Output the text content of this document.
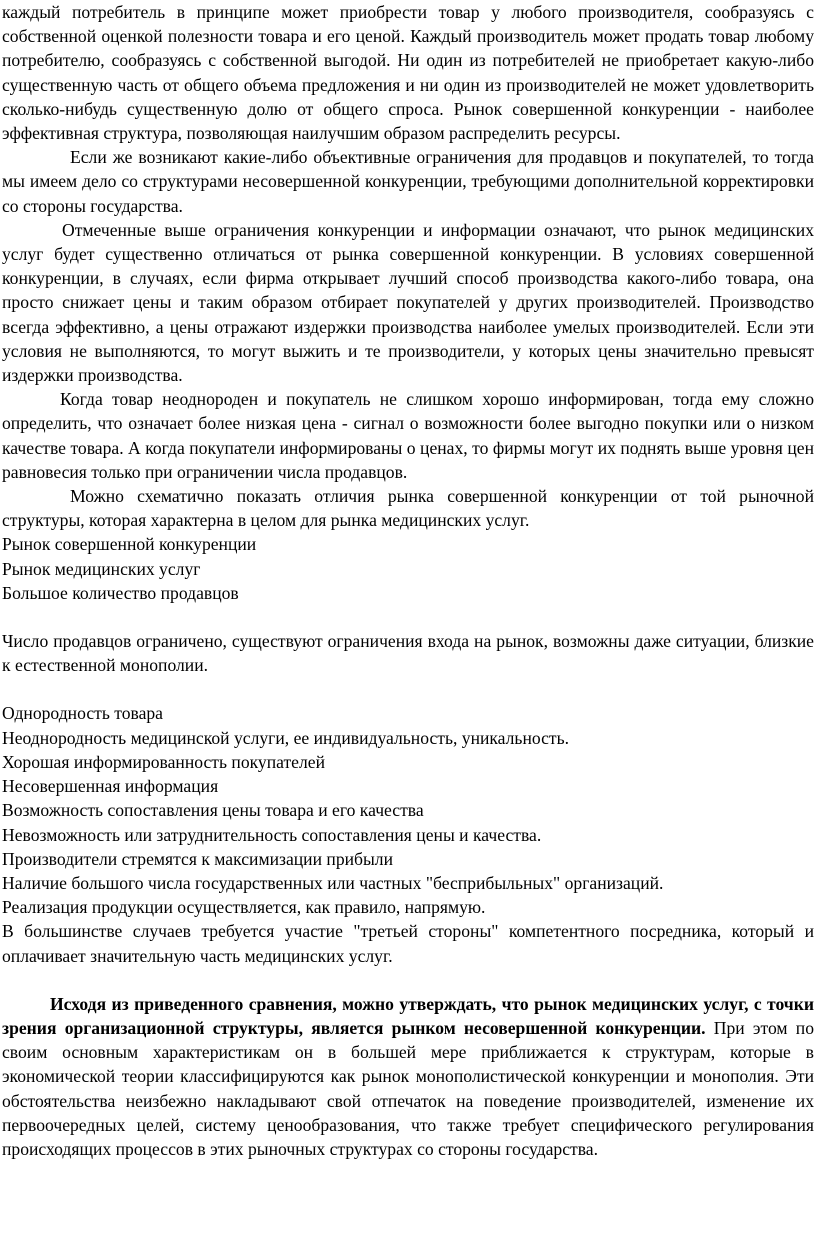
каждый потребитель в принципе может приобрести товар у любого производителя, сообразуясь с собственной оценкой полезности товара и его ценой. Каждый производитель может продать товар любому потребителю, сообразуясь с собственной выгодой. Ни один из потребителей не приобретает какую-либо существенную часть от общего объема предложения и ни один из производителей не может удовлетворить сколько-нибудь существенную долю от общего спроса. Рынок совершенной конкуренции - наиболее эффективная структура, позволяющая наилучшим образом распределить ресурсы.

Если же возникают какие-либо объективные ограничения для продавцов и покупателей, то тогда мы имеем дело со структурами несовершенной конкуренции, требующими дополнительной корректировки со стороны государства.

Отмеченные выше ограничения конкуренции и информации означают, что рынок медицинских услуг будет существенно отличаться от рынка совершенной конкуренции. В условиях совершенной конкуренции, в случаях, если фирма открывает лучший способ производства какого-либо товара, она просто снижает цены и таким образом отбирает покупателей у других производителей. Производство всегда эффективно, а цены отражают издержки производства наиболее умелых производителей. Если эти условия не выполняются, то могут выжить и те производители, у которых цены значительно превысят издержки производства.

Когда товар неоднороден и покупатель не слишком хорошо информирован, тогда ему сложно определить, что означает более низкая цена - сигнал о возможности более выгодно покупки или о низком качестве товара. А когда покупатели информированы о ценах, то фирмы могут их поднять выше уровня цен равновесия только при ограничении числа продавцов.

Можно схематично показать отличия рынка совершенной конкуренции от той рыночной структуры, которая характерна в целом для рынка медицинских услуг.

Рынок совершенной конкуренции

Рынок медицинских услуг

Большое количество продавцов

Число продавцов ограничено, существуют ограничения входа на рынок, возможны даже ситуации, близкие к естественной монополии.

Однородность товара

Неоднородность медицинской услуги, ее индивидуальность, уникальность.

Хорошая информированность покупателей

Несовершенная информация

Возможность сопоставления цены товара и его качества

Невозможность или затруднительность сопоставления цены и качества.

Производители стремятся к максимизации прибыли

Наличие большого числа государственных или частных "бесприбыльных" организаций.

Реализация продукции осуществляется, как правило, напрямую.

В большинстве случаев требуется участие "третьей стороны" компетентного посредника, который и оплачивает значительную часть медицинских услуг.

Исходя из приведенного сравнения, можно утверждать, что рынок медицинских услуг, с точки зрения организационной структуры, является рынком несовершенной конкуренции. При этом по своим основным характеристикам он в большей мере приближается к структурам, которые в экономической теории классифицируются как рынок монополистической конкуренции и монополия. Эти обстоятельства неизбежно накладывают свой отпечаток на поведение производителей, изменение их первоочередных целей, систему ценообразования, что также требует специфического регулирования происходящих процессов в этих рыночных структурах со стороны государства.
